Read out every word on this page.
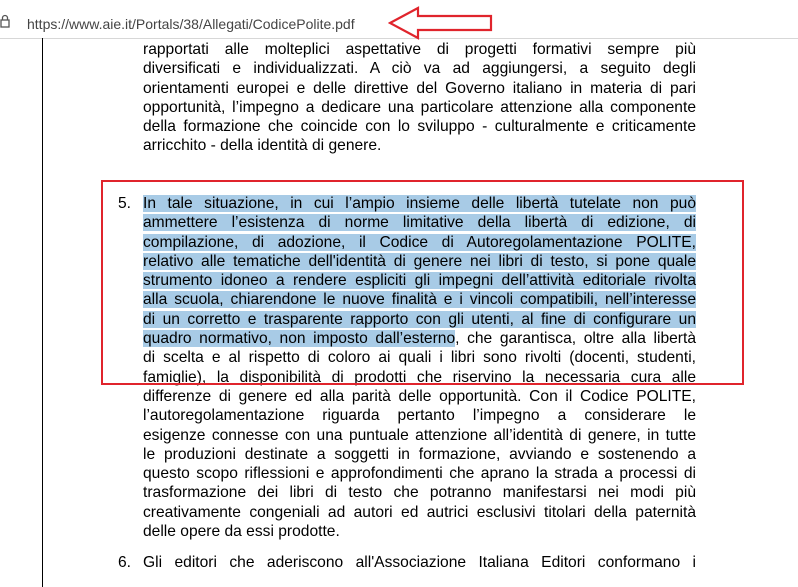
https://www.aie.it/Portals/38/Allegati/CodicePolite.pdf
rapportati alle molteplici aspettative di progetti formativi sempre più
diversificati e individualizzati. A ciò va ad aggiungersi, a seguito degli
orientamenti europei e delle direttive del Governo italiano in materia di pari
opportunità, l’impegno a dedicare una particolare attenzione alla componente
della formazione che coincide con lo sviluppo - culturalmente e criticamente
arricchito - della identità di genere.
5. In tale situazione, in cui l’ampio insieme delle libertà tutelate non può
ammettere l’esistenza di norme limitative della libertà di edizione, di
compilazione, di adozione, il Codice di Autoregolamentazione POLITE,
relativo alle tematiche dell'identità di genere nei libri di testo, si pone quale
strumento idoneo a rendere espliciti gli impegni dell’attività editoriale rivolta
alla scuola, chiarendone le nuove finalità e i vincoli compatibili, nell’interesse
di un corretto e trasparente rapporto con gli utenti, al fine di configurare un
quadro normativo, non imposto dall’esterno, che garantisca, oltre alla libertà
di scelta e al rispetto di coloro ai quali i libri sono rivolti (docenti, studenti,
famiglie), la disponibilità di prodotti che riservino la necessaria cura alle
differenze di genere ed alla parità delle opportunità. Con il Codice POLITE,
l’autoregolamentazione riguarda pertanto l’impegno a considerare le
esigenze connesse con una puntuale attenzione all’identità di genere, in tutte
le produzioni destinate a soggetti in formazione, avviando e sostenendo a
questo scopo riflessioni e approfondimenti che aprano la strada a processi di
trasformazione dei libri di testo che potranno manifestarsi nei modi più
creativamente congeniali ad autori ed autrici esclusivi titolari della paternità
delle opere da essi prodotte.
6. Gli editori che aderiscono all'Associazione Italiana Editori conformano i
